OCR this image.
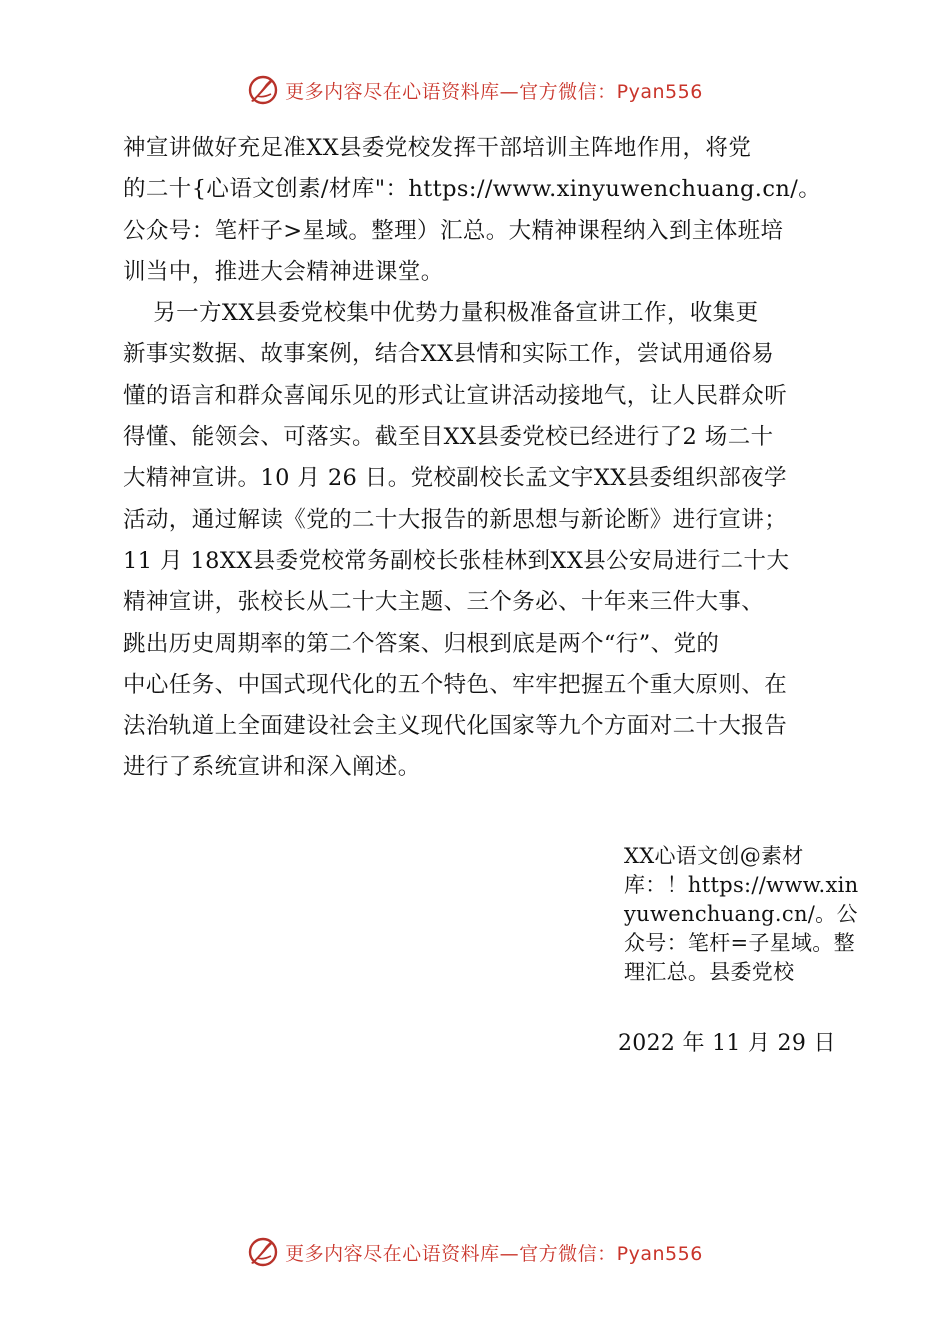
更多内容尽在心语资料库—官方微信：Pyan556

神宣讲做好充足准XX县委党校发挥干部培训主阵地作用，将党

的二十{心语文创素/材库"：https://www.xinyuwenchuang.cn/。

公众号：笔杆子>星域。整理）汇总。大精神课程纳入到主体班培

训当中，推进大会精神进课堂。

另一方XX县委党校集中优势力量积极准备宣讲工作，收集更

新事实数据、故事案例，结合XX县情和实际工作，尝试用通俗易

懂的语言和群众喜闻乐见的形式让宣讲活动接地气，让人民群众听

得懂、能领会、可落实。截至目XX县委党校已经进行了2 场二十

大精神宣讲。10 月 26 日。党校副校长孟文宇XX县委组织部夜学

活动，通过解读《党的二十大报告的新思想与新论断》进行宣讲；

11 月 18XX县委党校常务副校长张桂林到XX县公安局进行二十大

精神宣讲，张校长从二十大主题、三个务必、十年来三件大事、

跳出历史周期率的第二个答案、归根到底是两个“行”、党的

中心任务、中国式现代化的五个特色、牢牢把握五个重大原则、在

法治轨道上全面建设社会主义现代化国家等九个方面对二十大报告

进行了系统宣讲和深入阐述。

XX心语文创@素材库：！https://www.xinyuwenchuang.cn/。公众号：笔杆=子星域。整理汇总。县委党校
2022 年 11 月 29 日
更多内容尽在心语资料库—官方微信：Pyan556
